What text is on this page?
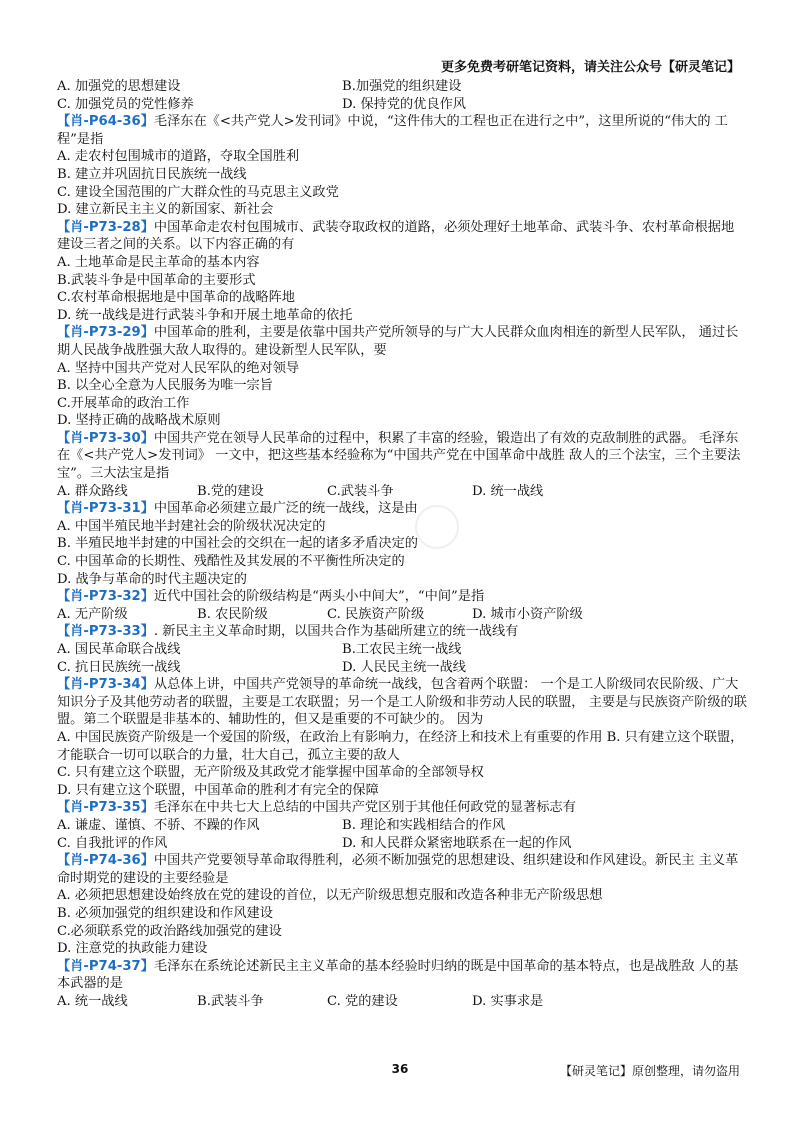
更多免费考研笔记资料，请关注公众号【研灵笔记】
A. 加强党的思想建设	B.加强党的组织建设
C. 加强党员的党性修养	D. 保持党的优良作风
【肖-P64-36】毛泽东在《<共产党人>发刊词》中说，“这件伟大的工程也正在进行之中”，这里所说的“伟大的 工程”是指
A. 走农村包围城市的道路，夺取全国胜利
B. 建立并巩固抗日民族统一战线
C. 建设全国范围的广大群众性的马克思主义政党
D. 建立新民主主义的新国家、新社会
【肖-P73-28】中国革命走农村包围城市、武装夺取政权的道路，必须处理好土地革命、武装斗争、农村革命根据地建设三者之间的关系。以下内容正确的有
A. 土地革命是民主革命的基本内容
B.武装斗争是中国革命的主要形式
C.农村革命根据地是中国革命的战略阵地
D. 统一战线是进行武装斗争和开展土地革命的依托
【肖-P73-29】中国革命的胜利，主要是依靠中国共产党所领导的与广大人民群众血肉相连的新型人民军队， 通过长期人民战争战胜强大敌人取得的。建设新型人民军队，要
A. 坚持中国共产党对人民军队的绝对领导
B. 以全心全意为人民服务为唯一宗旨
C.开展革命的政治工作
D. 坚持正确的战略战术原则
【肖-P73-30】中国共产党在领导人民革命的过程中，积累了丰富的经验，锻造出了有效的克敌制胜的武器。 毛泽东在《<共产党人>发刊词》 一文中，把这些基本经验称为“中国共产党在中国革命中战胜 敌人的三个法宝，三个主要法宝”。三大法宝是指
A. 群众路线	B.党的建设	C.武装斗争	D. 统一战线
【肖-P73-31】中国革命必须建立最广泛的统一战线，这是由
A. 中国半殖民地半封建社会的阶级状况决定的
B. 半殖民地半封建的中国社会的交织在一起的诸多矛盾决定的
C. 中国革命的长期性、残酷性及其发展的不平衡性所决定的
D. 战争与革命的时代主题决定的
【肖-P73-32】近代中国社会的阶级结构是“两头小中间大”，“中间”是指
A. 无产阶级	B. 农民阶级	C. 民族资产阶级	D. 城市小资产阶级
【肖-P73-33】. 新民主主义革命时期，以国共合作为基础所建立的统一战线有
A. 国民革命联合战线	B.工农民主统一战线
C. 抗日民族统一战线	D. 人民民主统一战线
【肖-P73-34】从总体上讲，中国共产党领导的革命统一战线，包含着两个联盟： 一个是工人阶级同农民阶级、广大知识分子及其他劳动者的联盟，主要是工农联盟；另一个是工人阶级和非劳动人民的联盟， 主要是与民族资产阶级的联盟。第二个联盟是非基本的、辅助性的，但又是重要的不可缺少的。 因为
A. 中国民族资产阶级是一个爱国的阶级，在政治上有影响力，在经济上和技术上有重要的作用 B. 只有建立这个联盟，才能联合一切可以联合的力量，壮大自己，孤立主要的敌人
C. 只有建立这个联盟，无产阶级及其政党才能掌握中国革命的全部领导权
D. 只有建立这个联盟，中国革命的胜利才有完全的保障
【肖-P73-35】毛泽东在中共七大上总结的中国共产党区别于其他任何政党的显著标志有
A. 谦虚、谨慎、不骄、不躁的作风	B. 理论和实践相结合的作风
C. 自我批评的作风	D. 和人民群众紧密地联系在一起的作风
【肖-P74-36】中国共产党要领导革命取得胜利，必须不断加强党的思想建设、组织建设和作风建设。新民主 主义革命时期党的建设的主要经验是
A. 必须把思想建设始终放在党的建设的首位，以无产阶级思想克服和改造各种非无产阶级思想
B. 必须加强党的组织建设和作风建设
C.必须联系党的政治路线加强党的建设
D. 注意党的执政能力建设
【肖-P74-37】毛泽东在系统论述新民主主义革命的基本经验时归纳的既是中国革命的基本特点，也是战胜敌 人的基本武器的是
A. 统一战线	B.武装斗争	C. 党的建设	D. 实事求是
36	【研灵笔记】原创整理，请勿盗用
